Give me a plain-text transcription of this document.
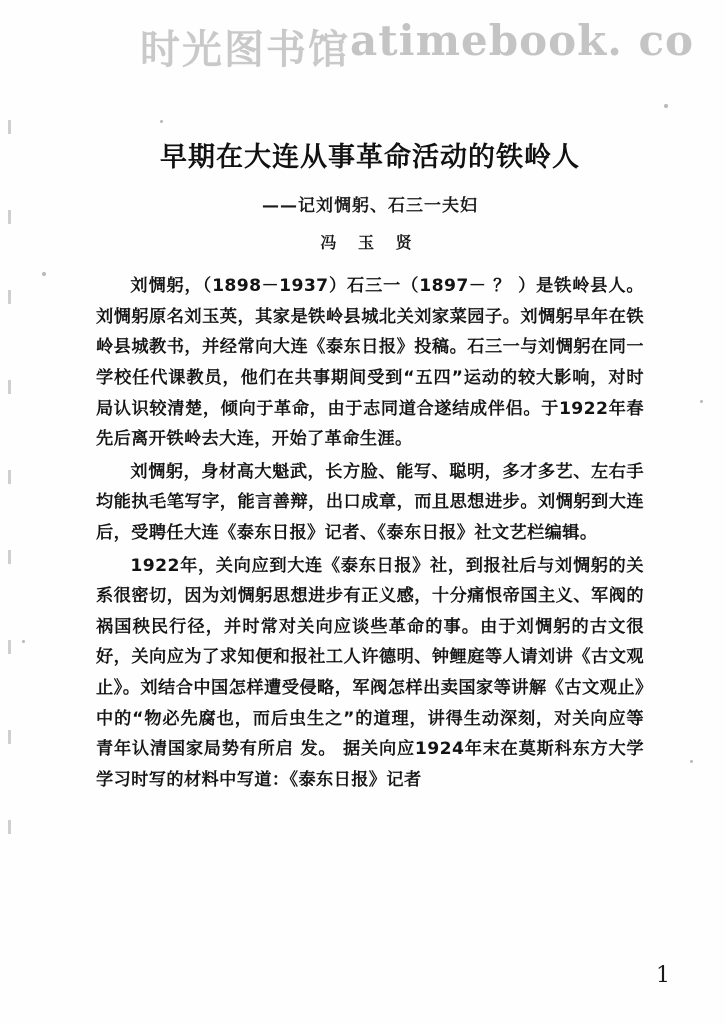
时光图书馆 atimebook. co
早期在大连从事革命活动的铁岭人
——记刘惆躬、石三一夫妇
冯 玉 贤

刘惆躬，（1898－1937）石三一（1897－ ？ ）是铁岭县人。刘惆躬原名刘玉英，其家是铁岭县城北关刘家菜园子。刘惆躬早年在铁岭县城教书，并经常向大连《泰东日报》投稿。石三一与刘惆躬在同一学校任代课教员，他们在共事期间受到“五四”运动的较大影响，对时局认识较清楚，倾向于革命，由于志同道合遂结成伴侣。于1922年春先后离开铁岭去大连，开始了革命生涯。

刘惆躬，身材高大魁武，长方脸、能写、聪明，多才多艺、左右手均能执毛笔写字，能言善辩，出口成章，而且思想进步。刘惆躬到大连后，受聘任大连《泰东日报》记者、《泰东日报》社文艺栏编辑。

1922年，关向应到大连《泰东日报》社，到报社后与刘惆躬的关系很密切，因为刘惆躬思想进步有正义感，十分痛恨帝国主义、军阀的祸国秧民行径，并时常对关向应谈些革命的事。由于刘惆躬的古文很好，关向应为了求知便和报社工人许德明、钟鲤庭等人请刘讲《古文观止》。刘结合中国怎样遭受侵略，军阀怎样出卖国家等讲解《古文观止》中的“物必先腐也，而后虫生之”的道理，讲得生动深刻，对关向应等青年认清国家局势有所启 发。 据关向应1924年末在莫斯科东方大学学习时写的材料中写道：《泰东日报》记者

1
